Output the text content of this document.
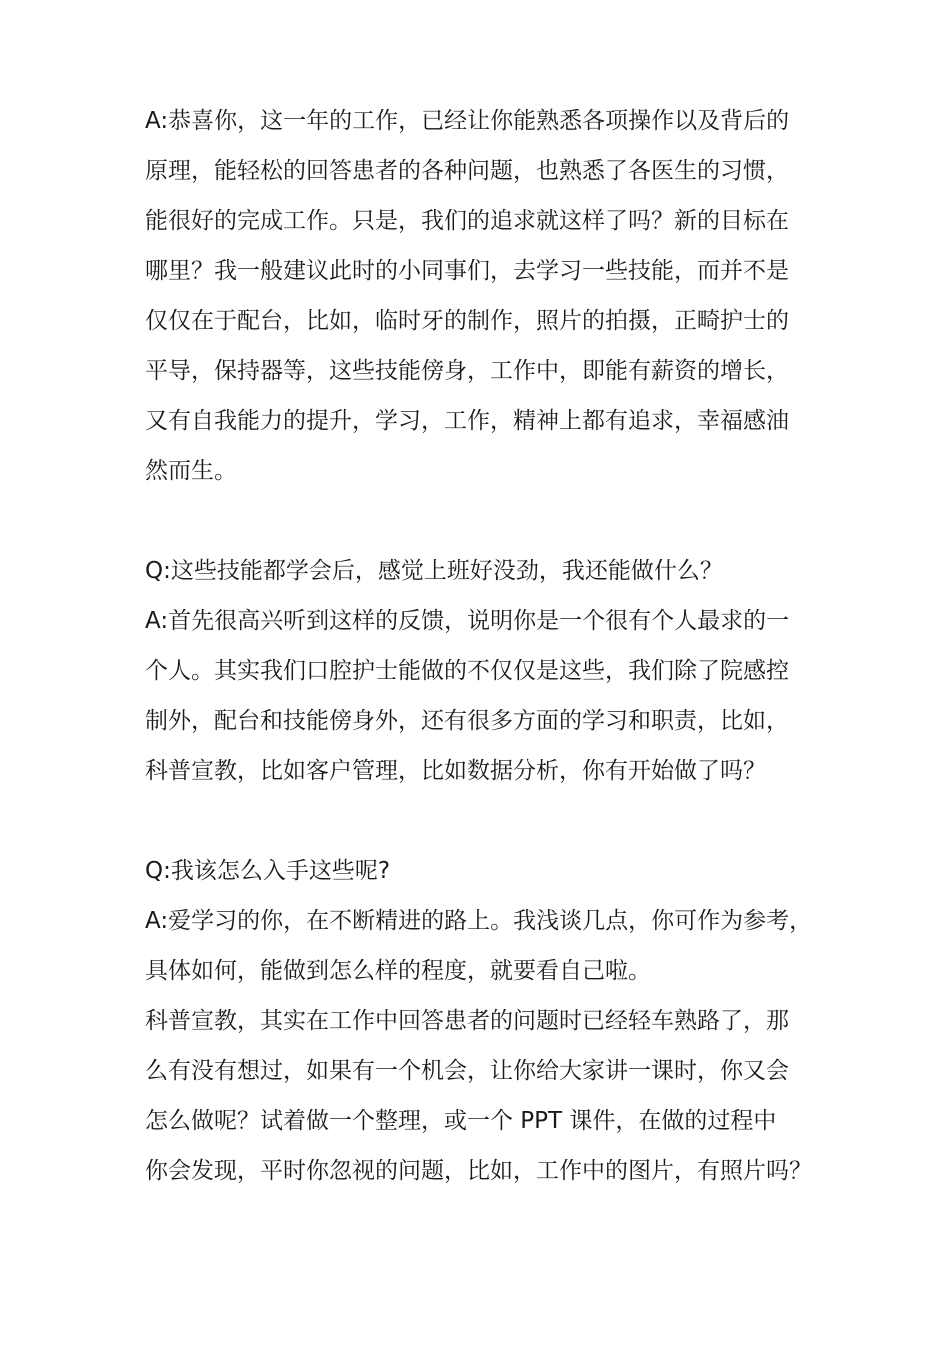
A:恭喜你，这一年的工作，已经让你能熟悉各项操作以及背后的
原理，能轻松的回答患者的各种问题，也熟悉了各医生的习惯，
能很好的完成工作。只是，我们的追求就这样了吗？新的目标在
哪里？我一般建议此时的小同事们，去学习一些技能，而并不是
仅仅在于配台，比如，临时牙的制作，照片的拍摄，正畸护士的
平导，保持器等，这些技能傍身，工作中，即能有薪资的增长，
又有自我能力的提升，学习，工作，精神上都有追求，幸福感油
然而生。
Q:这些技能都学会后，感觉上班好没劲，我还能做什么？
A:首先很高兴听到这样的反馈，说明你是一个很有个人最求的一
个人。其实我们口腔护士能做的不仅仅是这些，我们除了院感控
制外，配台和技能傍身外，还有很多方面的学习和职责，比如，
科普宣教，比如客户管理，比如数据分析，你有开始做了吗？
Q:我该怎么入手这些呢?
A:爱学习的你，在不断精进的路上。我浅谈几点，你可作为参考，
具体如何，能做到怎么样的程度，就要看自己啦。
科普宣教，其实在工作中回答患者的问题时已经轻车熟路了，那
么有没有想过，如果有一个机会，让你给大家讲一课时，你又会
怎么做呢？试着做一个整理，或一个 PPT 课件，在做的过程中
你会发现，平时你忽视的问题，比如，工作中的图片，有照片吗？
